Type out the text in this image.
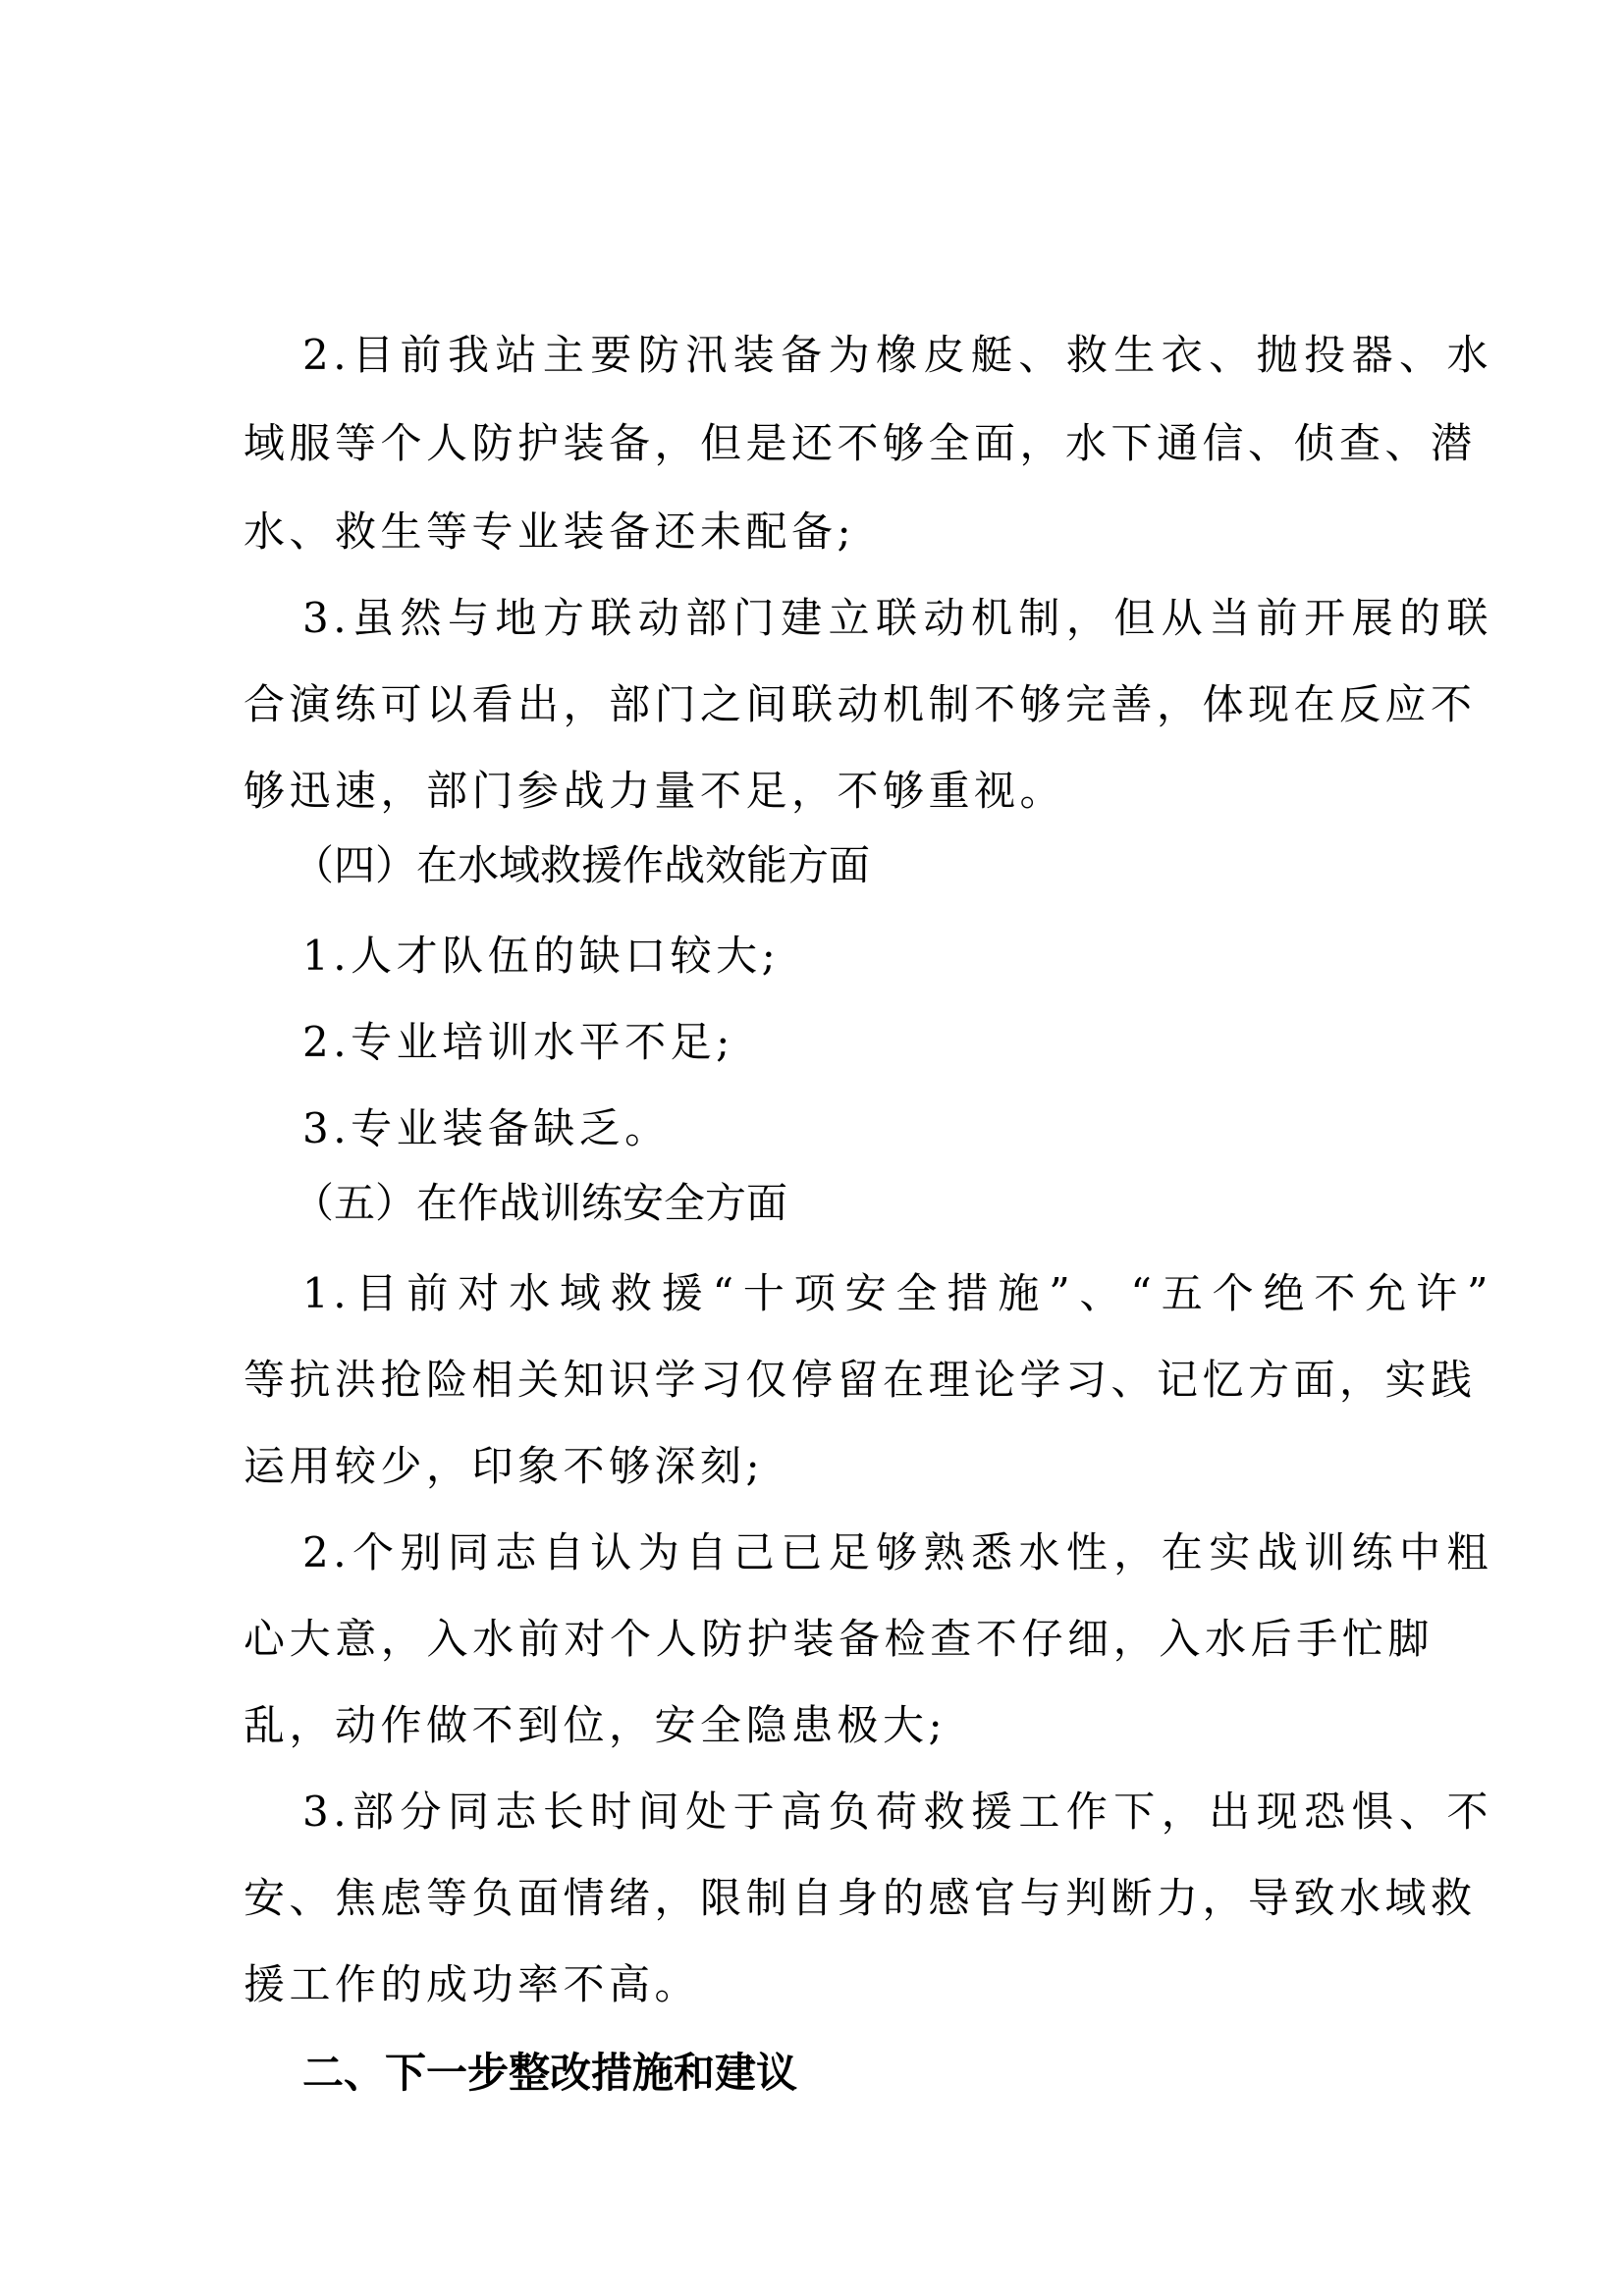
2.目前我站主要防汛装备为橡皮艇、救生衣、抛投器、水
域服等个人防护装备，但是还不够全面，水下通信、侦查、潜
水、救生等专业装备还未配备;
3.虽然与地方联动部门建立联动机制，但从当前开展的联
合演练可以看出，部门之间联动机制不够完善，体现在反应不
够迅速，部门参战力量不足，不够重视。
（四）在水域救援作战效能方面
1.人才队伍的缺口较大;
2.专业培训水平不足;
3.专业装备缺乏。
（五）在作战训练安全方面
1.目前对水域救援“十项安全措施”、“五个绝不允许”
等抗洪抢险相关知识学习仅停留在理论学习、记忆方面，实践
运用较少，印象不够深刻;
2.个别同志自认为自己已足够熟悉水性，在实战训练中粗
心大意，入水前对个人防护装备检查不仔细，入水后手忙脚
乱，动作做不到位，安全隐患极大;
3.部分同志长时间处于高负荷救援工作下，出现恐惧、不
安、焦虑等负面情绪，限制自身的感官与判断力，导致水域救
援工作的成功率不高。
二、下一步整改措施和建议
